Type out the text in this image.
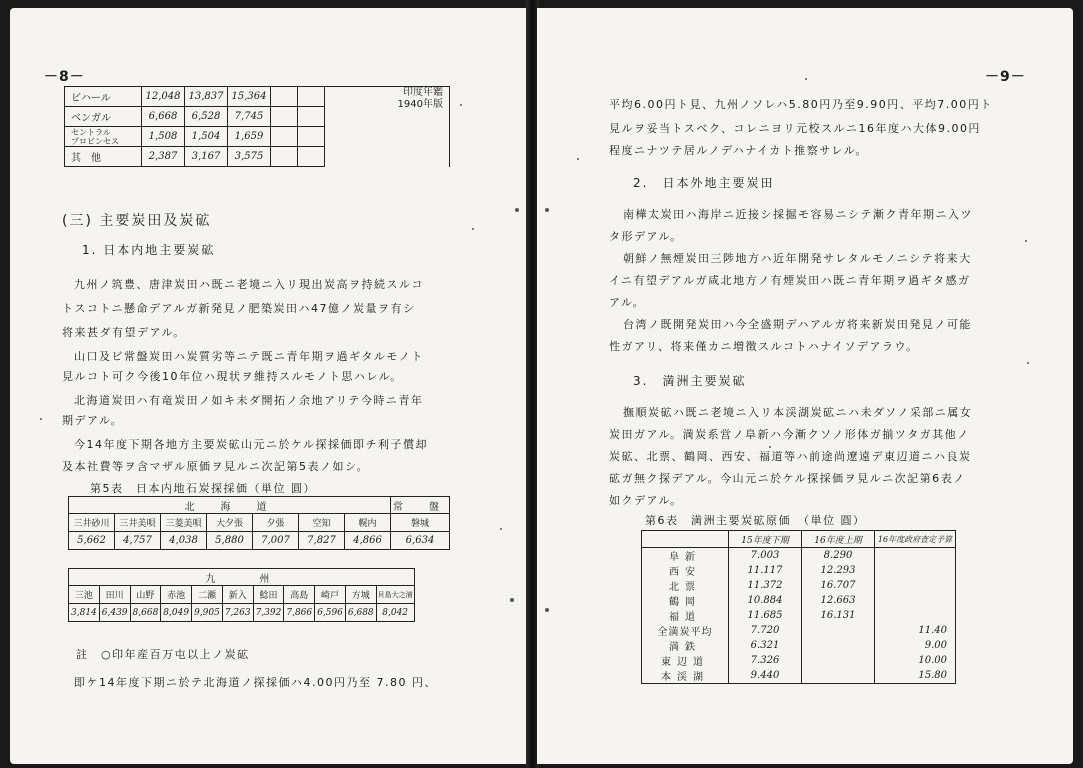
－8－
ビハール	12,048	13,837	15,364			印度年鑑
1940年版
ベンガル	6,668	6,528	7,745			
セントラル
プロビンセス	1,508	1,504	1,659			
其　他	2,387	3,167	3,575			
(三) 主要炭田及炭砿
1. 日本内地主要炭砿
九州ノ筑豊、唐津炭田ハ既ニ老境ニ入リ現出炭高ヲ持続スルコ
トスコトニ懸命デアルガ新発見ノ肥築炭田ハ47億ノ炭量ヲ有シ
将来甚ダ有望デアル。
山口及ビ常盤炭田ハ炭質劣等ニテ既ニ青年期ヲ過ギタルモノト
見ルコト可ク今後10年位ハ現状ヲ維持スルモノト思ハレル。
北海道炭田ハ有竜炭田ノ如キ未ダ開拓ノ余地アリテ今時ニ青年
期デアル。
今14年度下期各地方主要炭砿山元ニ於ケル探採価即チ利子償却
及本社費等ヲ含マザル原価ヲ見ルニ次記第5表ノ如シ。
第5表　日本内地石炭探採価（単位 圓）
北　海　道							常　盤
三井砂川	三井美唄	三菱美唄	大夕張	夕張	空知	幌内	磐城
5,662	4,757	4,038	5,880	7,007	7,827	4,866	6,634
九　　州										
三池	田川	山野	赤池	二瀬	新入	鯰田	高島	崎戸	方城	貝島大之浦
3,814	6,439	8,668	8,049	9,905	7,263	7,392	7,866	6,596	6,688	8,042
註　○印年産百万屯以上ノ炭砿
即ケ14年度下期ニ於テ北海道ノ探採価ハ4.00円乃至 7.80 円、
－9－
平均6.00円ト見、九州ノソレハ5.80円乃至9.90円、平均7.00円ト
見ルヲ妥当トスベク、コレニヨリ元校スルニ16年度ハ大体9.00円
程度ニナツテ居ルノデハナイカト推察サレル。
2.　日本外地主要炭田
南樺太炭田ハ海岸ニ近接シ採掘モ容易ニシテ漸ク青年期ニ入ツ
タ形デアル。
朝鮮ノ無煙炭田三陟地方ハ近年開発サレタルモノニシテ将来大
イニ有望デアルガ咸北地方ノ有煙炭田ハ既ニ青年期ヲ過ギタ感ガ
アル。
台湾ノ既開発炭田ハ今全盛期デハアルガ将来新炭田発見ノ可能
性ガアリ、将来僅カニ増徴スルコトハナイソデアラウ。
3.　満洲主要炭砿
撫順炭砿ハ既ニ老境ニ入リ本渓湖炭砿ニハ未ダソノ采部ニ属女
炭田ガアル。満炭系営ノ阜新ハ今漸クソノ形体ガ揃ツタガ其他ノ
炭砿、北票、鶴岡、西安、福道等ハ前途尚遼遠デ東辺道ニハ良炭
砿ガ無ク探デアル。今山元ニ於ケル探採価ヲ見ルニ次記第6表ノ
如クデアル。
第6表　満洲主要炭砿原価　（単位 圓）
	15年度下期	16年度上期	16年度政府査定予算
阜新	7.003	8.290	
西安	11.117	12.293	
北票	11.372	16.707	
鶴岡	10.884	12.663	
福道	11.685	16.131	
全満炭平均	7.720		11.40
満鉄	6.321		9.00
東辺道	7.326		10.00
本渓湖	9.440		15.80
